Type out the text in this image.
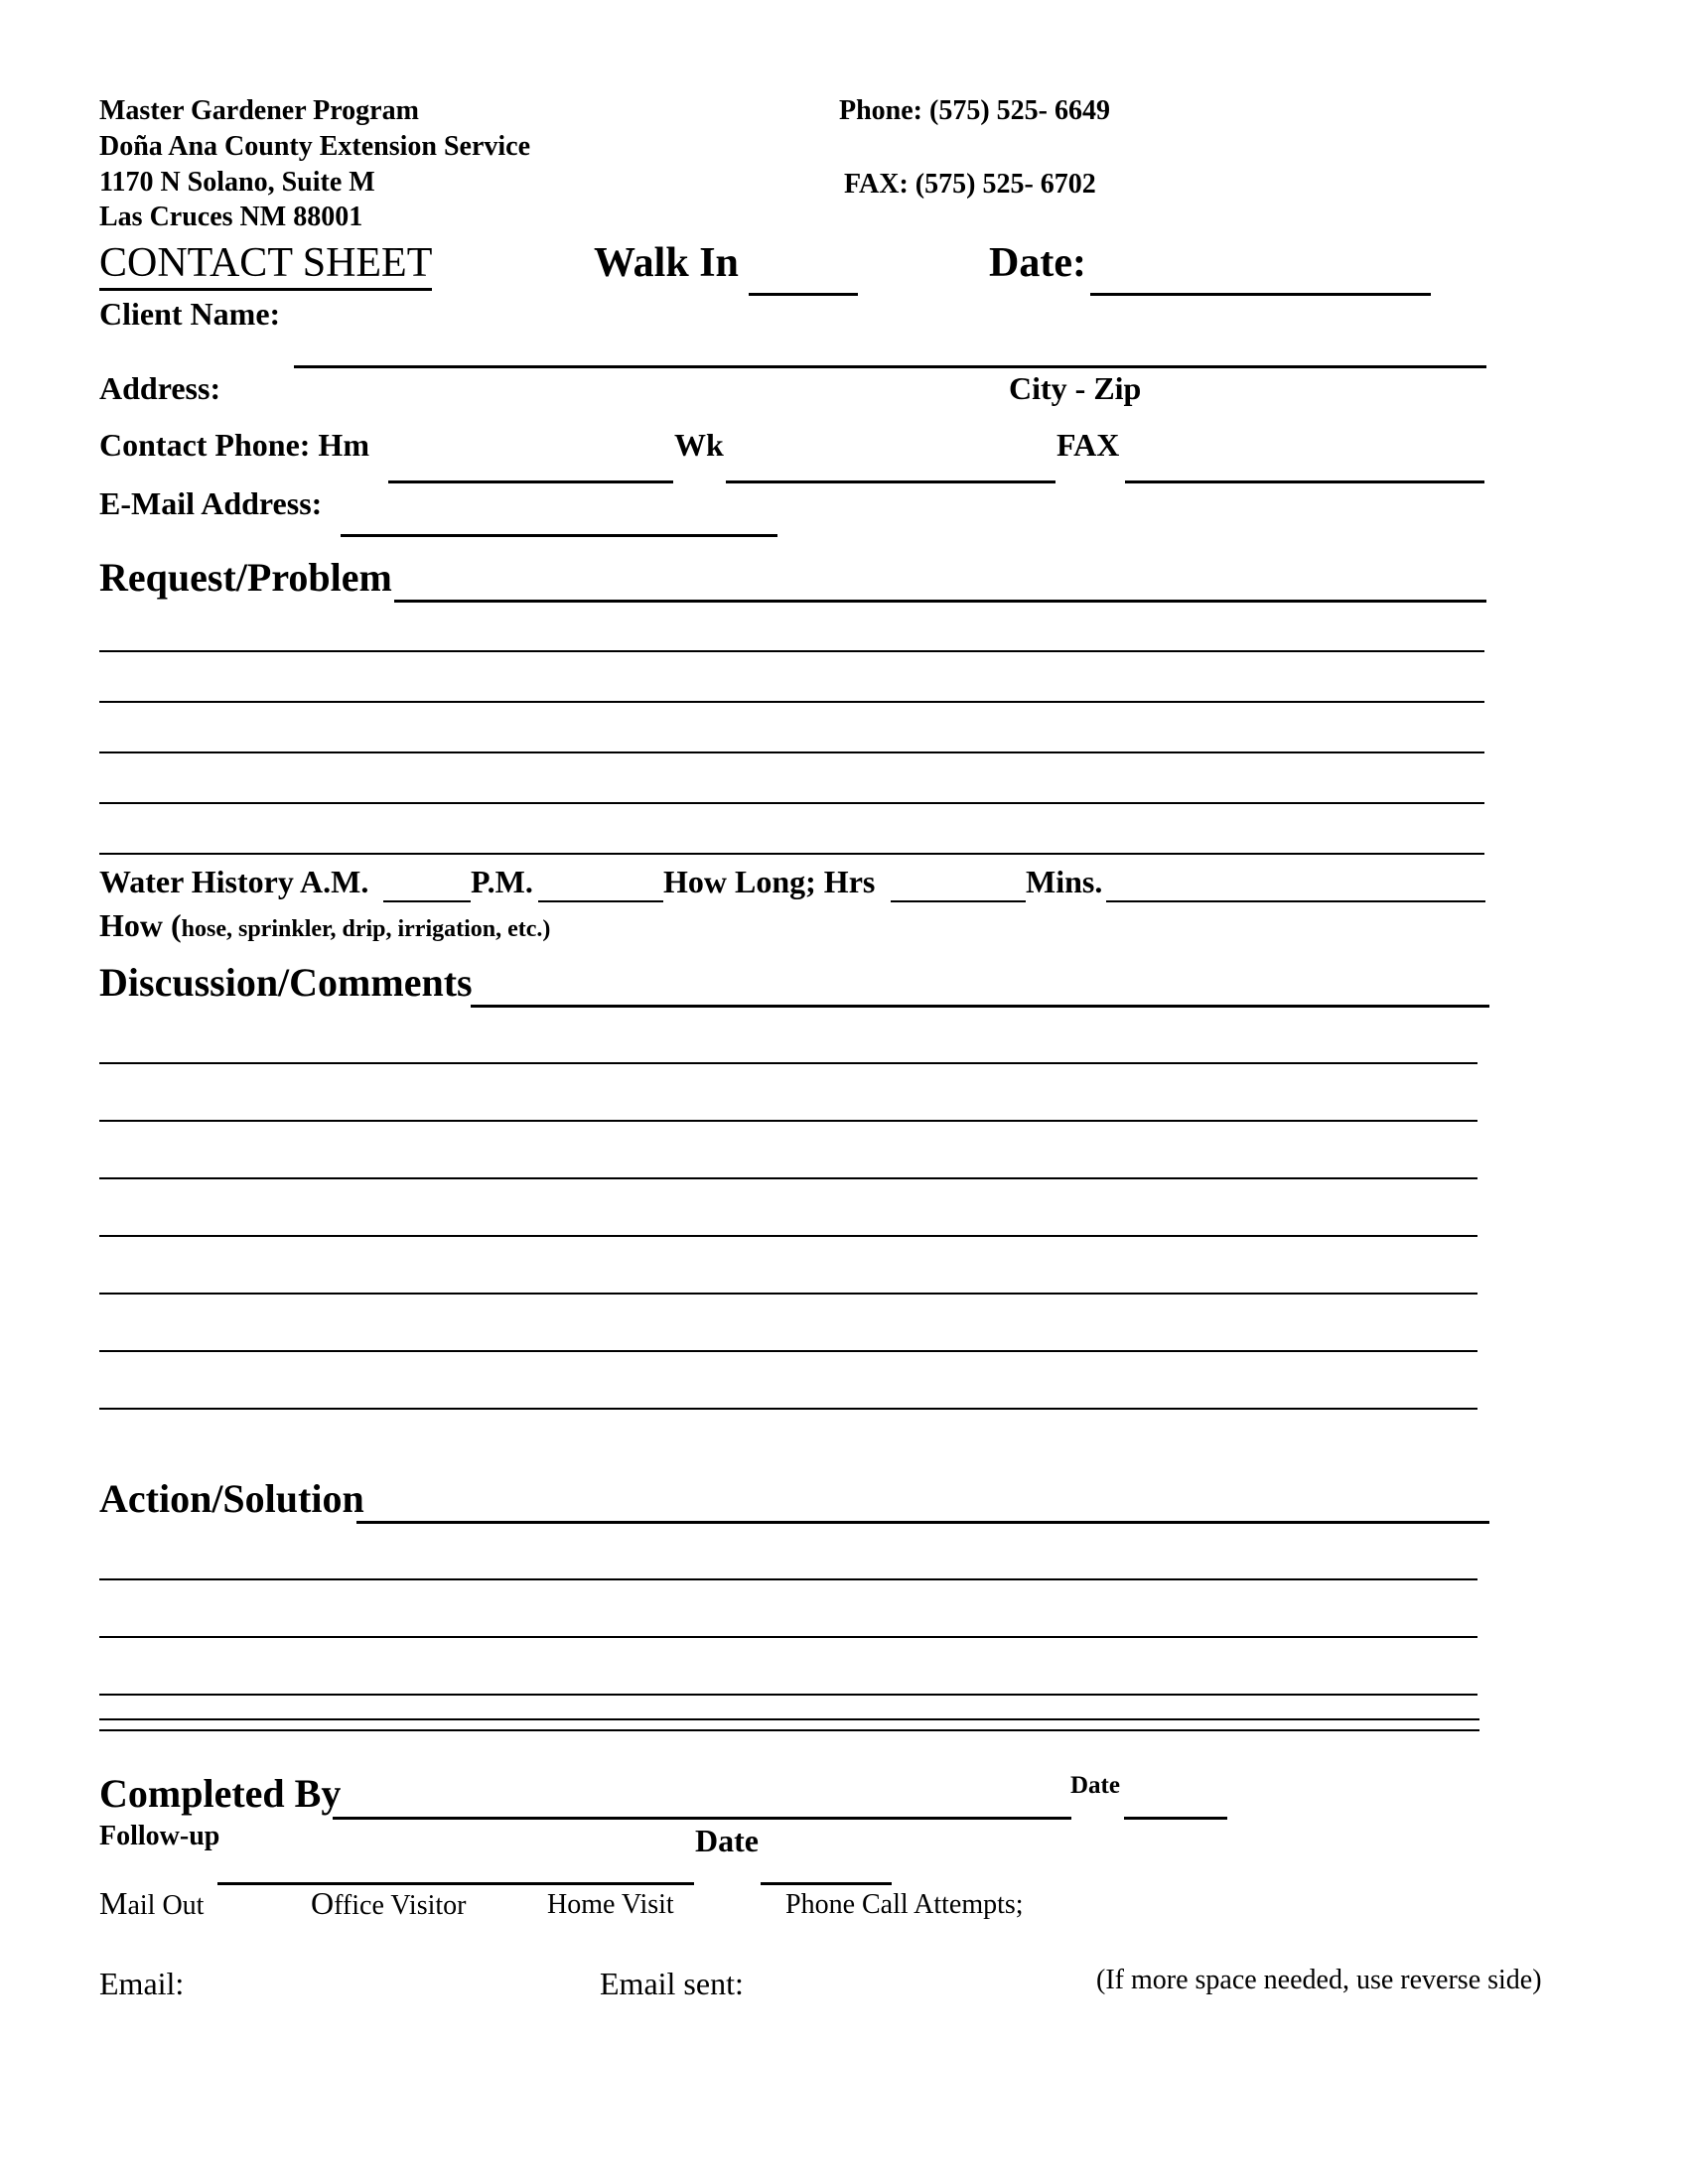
Master Gardener Program
Doña Ana County Extension Service
1170 N Solano, Suite M
Las Cruces NM 88001
Phone: (575) 525- 6649
FAX: (575) 525- 6702
CONTACT SHEET	Walk In	Date:
Client Name:
Address:	City - Zip
Contact Phone: Hm	Wk	FAX
E-Mail Address:
Request/Problem
Water History A.M.	P.M.	How Long; Hrs	Mins.
How (hose, sprinkler, drip, irrigation, etc.)
Discussion/Comments
Action/Solution
Completed By	Date
Follow-up	Date
Mail Out	Office Visitor	Home Visit	Phone Call Attempts;
Email:	Email sent:	(If more space needed, use reverse side)
